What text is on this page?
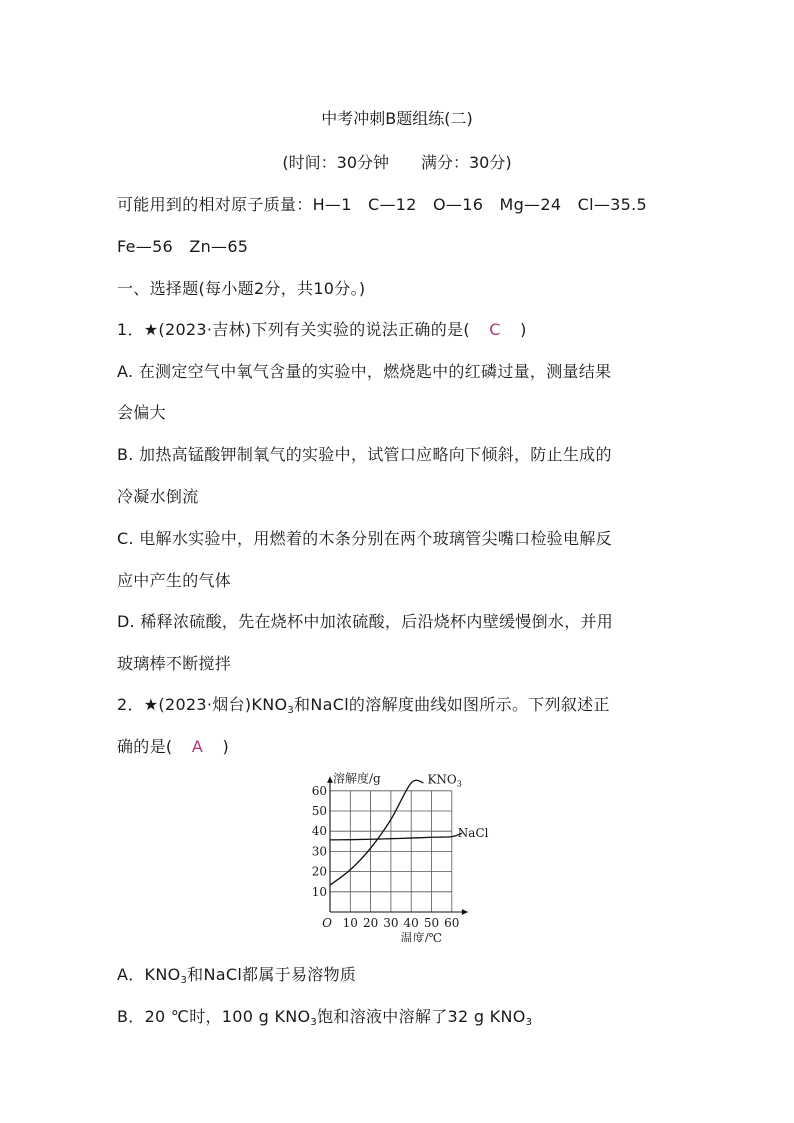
中考冲刺B题组练(二)
(时间：30分钟　　满分：30分)
可能用到的相对原子质量：H—1　C—12　O—16　Mg—24　Cl—35.5
Fe—56　Zn—65
一、选择题(每小题2分，共10分。)
1．★(2023·吉林)下列有关实验的说法正确的是( C )
A. 在测定空气中氧气含量的实验中，燃烧匙中的红磷过量，测量结果
会偏大
B. 加热高锰酸钾制氧气的实验中，试管口应略向下倾斜，防止生成的
冷凝水倒流
C. 电解水实验中，用燃着的木条分别在两个玻璃管尖嘴口检验电解反
应中产生的气体
D. 稀释浓硫酸，先在烧杯中加浓硫酸，后沿烧杯内壁缓慢倒水，并用
玻璃棒不断搅拌
2．★(2023·烟台)$KNO_3$和NaCl的溶解度曲线如图所示。下列叙述正
确的是( A )
10 20 30 40 50 60
10
20
30
40
50
60
O
溶解度/g
温度/℃
$KNO_3$
NaCl
A．$KNO_3$和NaCl都属于易溶物质
B．20 ℃时，100 g $KNO_3$饱和溶液中溶解了32 g $KNO_3$
